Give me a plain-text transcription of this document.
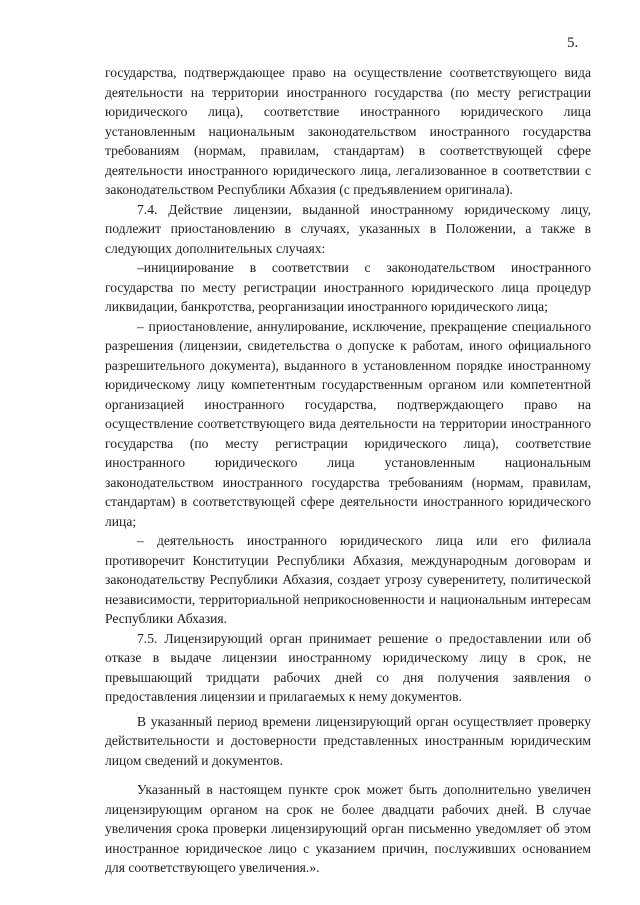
5.

государства, подтверждающее право на осуществление соответствующего вида деятельности на территории иностранного государства (по месту регистрации юридического лица), соответствие иностранного юридического лица установленным национальным законодательством иностранного государства требованиям (нормам, правилам, стандартам) в соответствующей сфере деятельности иностранного юридического лица, легализованное в соответствии с законодательством Республики Абхазия (с предъявлением оригинала).

7.4. Действие лицензии, выданной иностранному юридическому лицу, подлежит приостановлению в случаях, указанных в Положении, а также в следующих дополнительных случаях:

–инициирование в соответствии с законодательством иностранного государства по месту регистрации иностранного юридического лица процедур ликвидации, банкротства, реорганизации иностранного юридического лица;

– приостановление, аннулирование, исключение, прекращение специального разрешения (лицензии, свидетельства о допуске к работам, иного официального разрешительного документа), выданного в установленном порядке иностранному юридическому лицу компетентным государственным органом или компетентной организацией иностранного государства, подтверждающего право на осуществление соответствующего вида деятельности на территории иностранного государства (по месту регистрации юридического лица), соответствие иностранного юридического лица установленным национальным законодательством иностранного государства требованиям (нормам, правилам, стандартам) в соответствующей сфере деятельности иностранного юридического лица;

– деятельность иностранного юридического лица или его филиала противоречит Конституции Республики Абхазия, международным договорам и законодательству Республики Абхазия, создает угрозу суверенитету, политической независимости, территориальной неприкосновенности и национальным интересам Республики Абхазия.

7.5. Лицензирующий орган принимает решение о предоставлении или об отказе в выдаче лицензии иностранному юридическому лицу в срок, не превышающий тридцати рабочих дней со дня получения заявления о предоставления лицензии и прилагаемых к нему документов.

В указанный период времени лицензирующий орган осуществляет проверку действительности и достоверности представленных иностранным юридическим лицом сведений и документов.

Указанный в настоящем пункте срок может быть дополнительно увеличен лицензирующим органом на срок не более двадцати рабочих дней. В случае увеличения срока проверки лицензирующий орган письменно уведомляет об этом иностранное юридическое лицо с указанием причин, послуживших основанием для соответствующего увеличения.».
